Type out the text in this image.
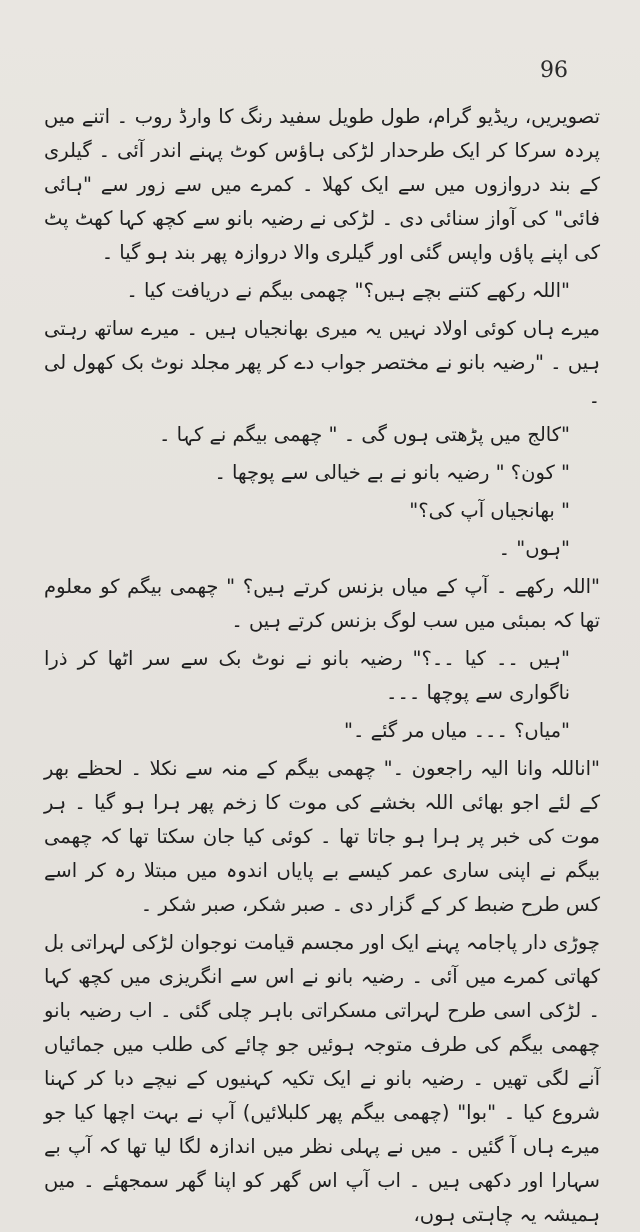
96

تصویریں، ریڈیو گرام، طول طویل سفید رنگ کا وارڈ روب ۔ اتنے میں پردہ سرکا کر ایک طرحدار لڑکی ہاؤس کوٹ پہنے اندر آئی ۔ گیلری کے بند دروازوں میں سے ایک کھلا ۔ کمرے میں سے زور سے "ہائی فائی" کی آواز سنائی دی ۔ لڑکی نے رضیہ بانو سے کچھ کہا کھٹ پٹ کی اپنے پاؤں واپس گئی اور گیلری والا دروازہ پھر بند ہو گیا ۔

"اللہ رکھے کتنے بچے ہیں؟" چھمی بیگم نے دریافت کیا ۔

میرے ہاں کوئی اولاد نہیں یہ میری بھانجیاں ہیں ۔ میرے ساتھ رہتی ہیں ۔ "رضیہ بانو نے مختصر جواب دے کر پھر مجلد نوٹ بک کھول لی ۔

"کالج میں پڑھتی ہوں گی ۔ " چھمی بیگم نے کہا ۔

" کون؟ " رضیہ بانو نے بے خیالی سے پوچھا ۔

" بھانجیاں آپ کی؟"

"ہوں" ۔

"اللہ رکھے ۔ آپ کے میاں بزنس کرتے ہیں؟ " چھمی بیگم کو معلوم تھا کہ بمبئی میں سب لوگ بزنس کرتے ہیں ۔

"ہیں ۔۔ کیا ۔۔؟" رضیہ بانو نے نوٹ بک سے سر اٹھا کر ذرا ناگواری سے پوچھا ۔۔۔

"میاں؟ ۔۔۔ میاں مر گئے ۔"

"اناللہ وانا الیہ راجعون ۔" چھمی بیگم کے منہ سے نکلا ۔ لحظے بھر کے لئے اجو بھائی اللہ بخشے کی موت کا زخم پھر ہرا ہو گیا ۔ ہر موت کی خبر پر ہرا ہو جاتا تھا ۔ کوئی کیا جان سکتا تھا کہ چھمی بیگم نے اپنی ساری عمر کیسے بے پایاں اندوہ میں مبتلا رہ کر اسے کس طرح ضبط کر کے گزار دی ۔ صبر شکر، صبر شکر ۔

چوڑی دار پاجامہ پہنے ایک اور مجسم قیامت نوجوان لڑکی لہراتی بل کھاتی کمرے میں آئی ۔ رضیہ بانو نے اس سے انگریزی میں کچھ کہا ۔ لڑکی اسی طرح لہراتی مسکراتی باہر چلی گئی ۔ اب رضیہ بانو چھمی بیگم کی طرف متوجہ ہوئیں جو چائے کی طلب میں جمائیاں آنے لگی تھیں ۔ رضیہ بانو نے ایک تکیہ کہنیوں کے نیچے دبا کر کہنا شروع کیا ۔ "بوا" (چھمی بیگم پھر کلبلائیں) آپ نے بہت اچھا کیا جو میرے ہاں آ گئیں ۔ میں نے پہلی نظر میں اندازہ لگا لیا تھا کہ آپ بے سہارا اور دکھی ہیں ۔ اب آپ اس گھر کو اپنا گھر سمجھئے ۔ میں ہمیشہ یہ چاہتی ہوں،
